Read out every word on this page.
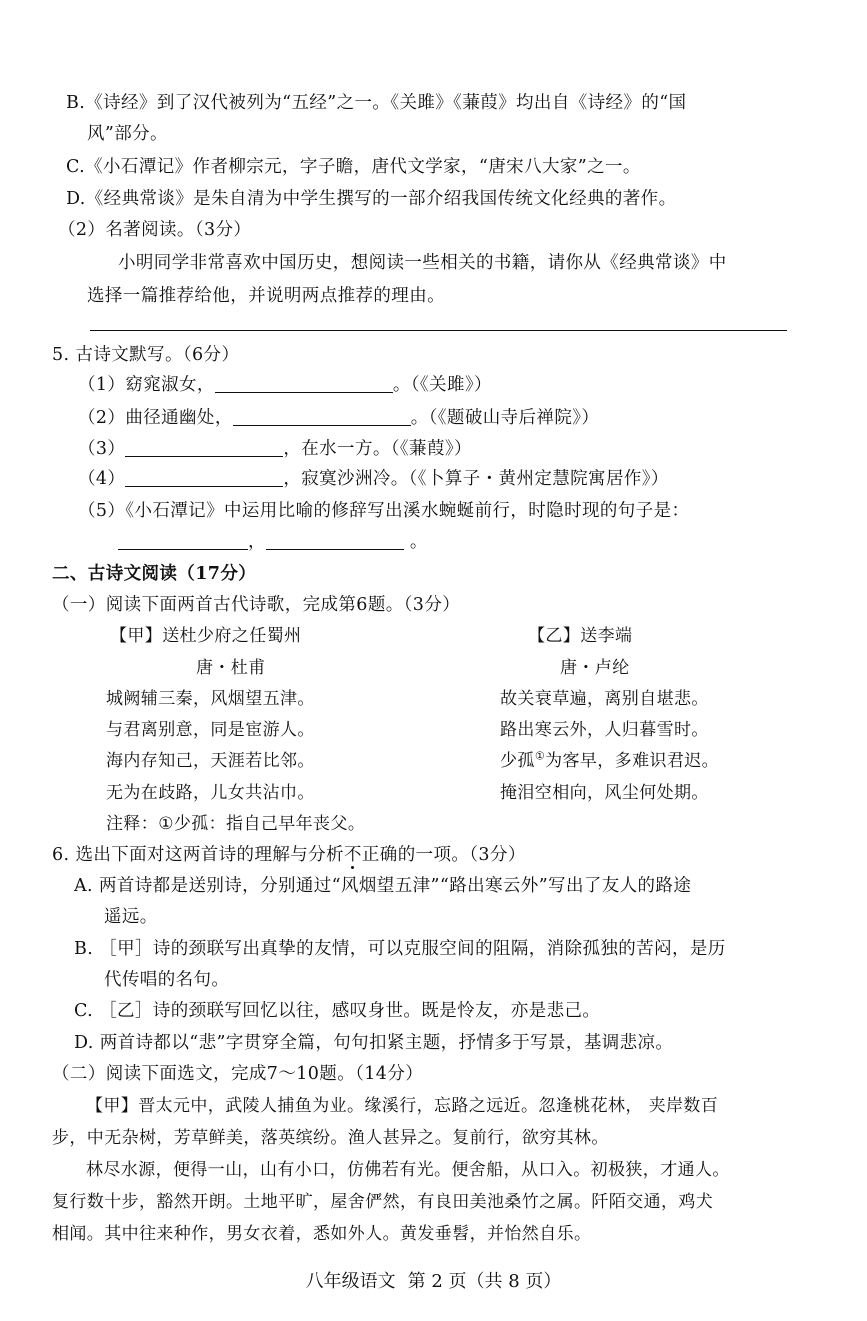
B.《诗经》到了汉代被列为“五经”之一。《关雎》《蒹葭》均出自《诗经》的“国
风”部分。
C.《小石潭记》作者柳宗元，字子瞻，唐代文学家，“唐宋八大家”之一。
D.《经典常谈》是朱自清为中学生撰写的一部介绍我国传统文化经典的著作。
（2）名著阅读。（3分）
小明同学非常喜欢中国历史，想阅读一些相关的书籍，请你从《经典常谈》中
选择一篇推荐给他，并说明两点推荐的理由。
5. 古诗文默写。（6分）
（1）窈窕淑女，	。（《关雎》）
（2）曲径通幽处，	。（《题破山寺后禅院》）
（3）	，在水一方。（《蒹葭》）
（4）	，寂寞沙洲冷。（《卜算子・黄州定慧院寓居作》）
（5）《小石潭记》中运用比喻的修辞写出溪水蜿蜒前行，时隐时现的句子是：
，	。
二、古诗文阅读（17分）
（一）阅读下面两首古代诗歌，完成第6题。（3分）
【甲】送杜少府之任蜀州
唐・杜甫
城阙辅三秦，风烟望五津。
与君离别意，同是宦游人。
海内存知己，天涯若比邻。
无为在歧路，儿女共沾巾。
【乙】送李端
唐・卢纶
故关衰草遍，离别自堪悲。
路出寒云外，人归暮雪时。
少孤①为客早，多难识君迟。
掩泪空相向，风尘何处期。
注释：①少孤：指自己早年丧父。
6. 选出下面对这两首诗的理解与分析不正确的一项。（3分）
A. 两首诗都是送别诗，分别通过“风烟望五津”“路出寒云外”写出了友人的路途
遥远。
B. ［甲］诗的颈联写出真挚的友情，可以克服空间的阻隔，消除孤独的苦闷，是历
代传唱的名句。
C. ［乙］诗的颈联写回忆以往，感叹身世。既是怜友，亦是悲己。
D. 两首诗都以“悲”字贯穿全篇，句句扣紧主题，抒情多于写景，基调悲凉。
（二）阅读下面选文，完成7～10题。（14分）
【甲】晋太元中，武陵人捕鱼为业。缘溪行，忘路之远近。忽逢桃花林， 夹岸数百
步，中无杂树，芳草鲜美，落英缤纷。渔人甚异之。复前行，欲穷其林。
林尽水源，便得一山，山有小口，仿佛若有光。便舍船，从口入。初极狭，才通人。
复行数十步，豁然开朗。土地平旷，屋舍俨然，有良田美池桑竹之属。阡陌交通，鸡犬
相闻。其中往来种作，男女衣着，悉如外人。黄发垂髫，并怡然自乐。
八年级语文 第 2 页（共 8 页）
